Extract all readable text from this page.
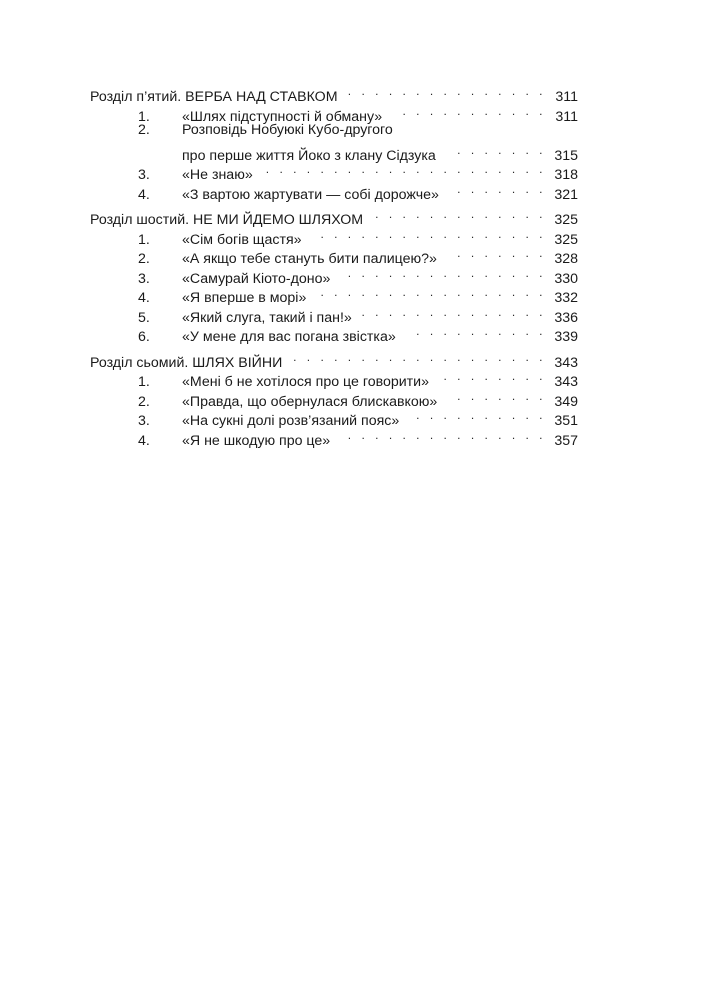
Розділ п’ятий. ВЕРБА НАД СТАВКОМ . . .	311
1.	«Шлях підступності й обману» . . .	311
2.	Розповідь Нобуюкі Кубо-другого
про перше життя Йоко з клану Сідзука . . .	315
3.	«Не знаю» . . .	318
4.	«З вартою жартувати — собі дорожче» . . .	321
Розділ шостий. НЕ МИ ЙДЕМО ШЛЯХОМ . . .	325
1.	«Сім богів щастя» . . .	325
2.	«А якщо тебе стануть бити палицею?» . . .	328
3.	«Самурай Кіото-доно» . . .	330
4.	«Я вперше в морі» . . .	332
5.	«Який слуга, такий і пан!» . . .	336
6.	«У мене для вас погана звістка» . . .	339
Розділ сьомий. ШЛЯХ ВІЙНИ . . .	343
1.	«Мені б не хотілося про це говорити» . . .	343
2.	«Правда, що обернулася блискавкою» . . .	349
3.	«На сукні долі розв’язаний пояс» . . .	351
4.	«Я не шкодую про це» . . .	357
